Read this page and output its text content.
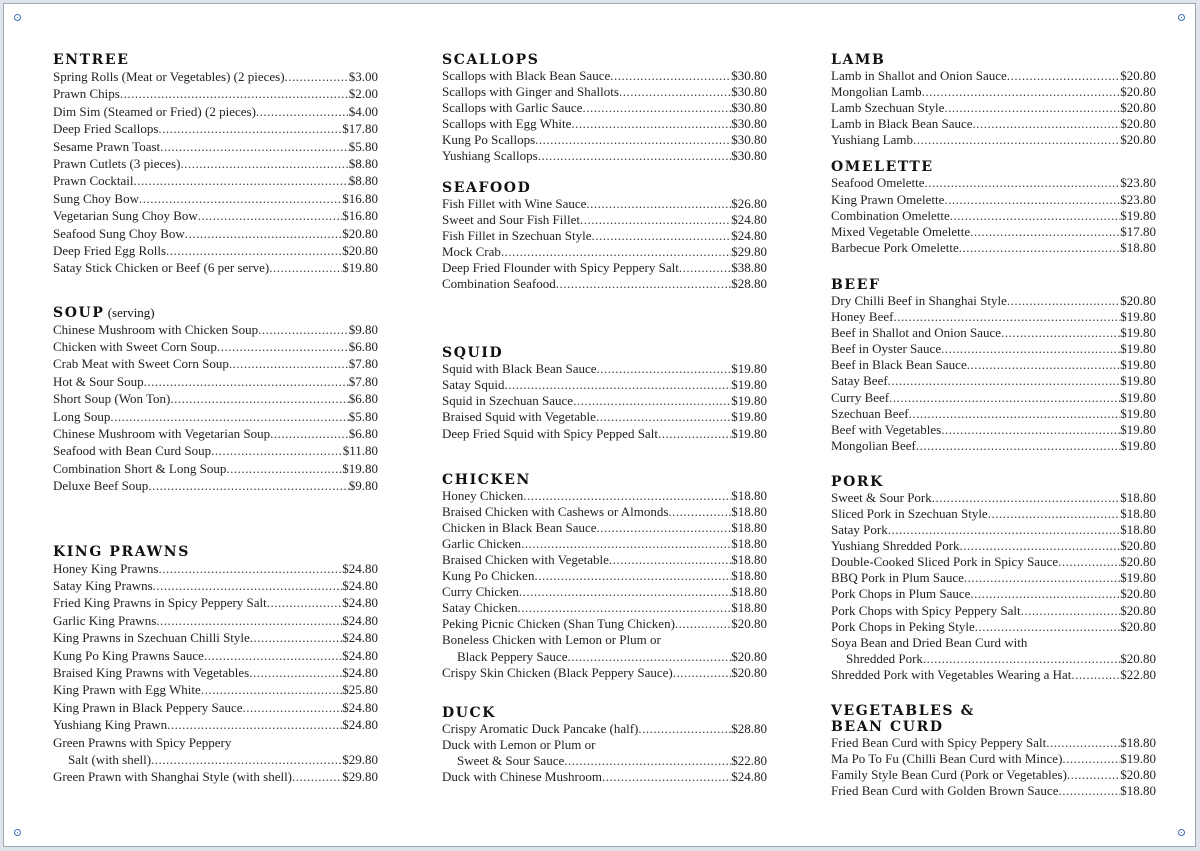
ENTREE
Spring Rolls (Meat or Vegetables) (2 pieces) .....	$3.00
Prawn Chips .....	$2.00
Dim Sim (Steamed or Fried) (2 pieces) .....	$4.00
Deep Fried Scallops .....	$17.80
Sesame Prawn Toast .....	$5.80
Prawn Cutlets (3 pieces) .....	$8.80
Prawn Cocktail .....	$8.80
Sung Choy Bow .....	$16.80
Vegetarian Sung Choy Bow .....	$16.80
Seafood Sung Choy Bow .....	$20.80
Deep Fried Egg Rolls .....	$20.80
Satay Stick Chicken or Beef (6 per serve) .....	$19.80
SOUP (serving)
Chinese Mushroom with Chicken Soup .....	$9.80
Chicken with Sweet Corn Soup .....	$6.80
Crab Meat with Sweet Corn Soup .....	$7.80
Hot & Sour Soup .....	$7.80
Short Soup (Won Ton) .....	$6.80
Long Soup .....	$5.80
Chinese Mushroom with Vegetarian Soup .....	$6.80
Seafood with Bean Curd Soup .....	$11.80
Combination Short & Long Soup .....	$19.80
Deluxe Beef Soup .....	$9.80
KING PRAWNS
Honey King Prawns .....	$24.80
Satay King Prawns .....	$24.80
Fried King Prawns in Spicy Peppery Salt .....	$24.80
Garlic King Prawns .....	$24.80
King Prawns in Szechuan Chilli Style .....	$24.80
Kung Po King Prawns Sauce .....	$24.80
Braised King Prawns with Vegetables .....	$24.80
King Prawn with Egg White .....	$25.80
King Prawn in Black Peppery Sauce .....	$24.80
Yushiang King Prawn .....	$24.80
Green Prawns with Spicy Peppery
Salt (with shell) .....	$29.80
Green Prawn with Shanghai Style (with shell) .....	$29.80
SCALLOPS
Scallops with Black Bean Sauce .....	$30.80
Scallops with Ginger and Shallots .....	$30.80
Scallops with Garlic Sauce .....	$30.80
Scallops with Egg White .....	$30.80
Kung Po Scallops .....	$30.80
Yushiang Scallops .....	$30.80
SEAFOOD
Fish Fillet with Wine Sauce .....	$26.80
Sweet and Sour Fish Fillet .....	$24.80
Fish Fillet in Szechuan Style .....	$24.80
Mock Crab .....	$29.80
Deep Fried Flounder with Spicy Peppery Salt .....	$38.80
Combination Seafood .....	$28.80
SQUID
Squid with Black Bean Sauce .....	$19.80
Satay Squid .....	$19.80
Squid in Szechuan Sauce .....	$19.80
Braised Squid with Vegetable .....	$19.80
Deep Fried Squid with Spicy Pepped Salt .....	$19.80
CHICKEN
Honey Chicken .....	$18.80
Braised Chicken with Cashews or Almonds .....	$18.80
Chicken in Black Bean Sauce .....	$18.80
Garlic Chicken .....	$18.80
Braised Chicken with Vegetable .....	$18.80
Kung Po Chicken .....	$18.80
Curry Chicken .....	$18.80
Satay Chicken .....	$18.80
Peking Picnic Chicken (Shan Tung Chicken) .....	$20.80
Boneless Chicken with Lemon or Plum or
Black Peppery Sauce .....	$20.80
Crispy Skin Chicken (Black Peppery Sauce) .....	$20.80
DUCK
Crispy Aromatic Duck Pancake (half) .....	$28.80
Duck with Lemon or Plum or
Sweet & Sour Sauce .....	$22.80
Duck with Chinese Mushroom .....	$24.80
LAMB
Lamb in Shallot and Onion Sauce .....	$20.80
Mongolian Lamb .....	$20.80
Lamb Szechuan Style .....	$20.80
Lamb in Black Bean Sauce .....	$20.80
Yushiang Lamb .....	$20.80
OMELETTE
Seafood Omelette .....	$23.80
King Prawn Omelette .....	$23.80
Combination Omelette .....	$19.80
Mixed Vegetable Omelette .....	$17.80
Barbecue Pork Omelette .....	$18.80
BEEF
Dry Chilli Beef in Shanghai Style .....	$20.80
Honey Beef .....	$19.80
Beef in Shallot and Onion Sauce .....	$19.80
Beef in Oyster Sauce .....	$19.80
Beef in Black Bean Sauce .....	$19.80
Satay Beef .....	$19.80
Curry Beef .....	$19.80
Szechuan Beef .....	$19.80
Beef with Vegetables .....	$19.80
Mongolian Beef .....	$19.80
PORK
Sweet & Sour Pork .....	$18.80
Sliced Pork in Szechuan Style .....	$18.80
Satay Pork .....	$18.80
Yushiang Shredded Pork .....	$20.80
Double-Cooked Sliced Pork in Spicy Sauce .....	$20.80
BBQ Pork in Plum Sauce .....	$19.80
Pork Chops in Plum Sauce .....	$20.80
Pork Chops with Spicy Peppery Salt .....	$20.80
Pork Chops in Peking Style .....	$20.80
Soya Bean and Dried Bean Curd with
Shredded Pork .....	$20.80
Shredded Pork with Vegetables Wearing a Hat .....	$22.80
VEGETABLES &
BEAN CURD
Fried Bean Curd with Spicy Peppery Salt .....	$18.80
Ma Po To Fu (Chilli Bean Curd with Mince) .....	$19.80
Family Style Bean Curd (Pork or Vegetables) .....	$20.80
Fried Bean Curd with Golden Brown Sauce .....	$18.80
